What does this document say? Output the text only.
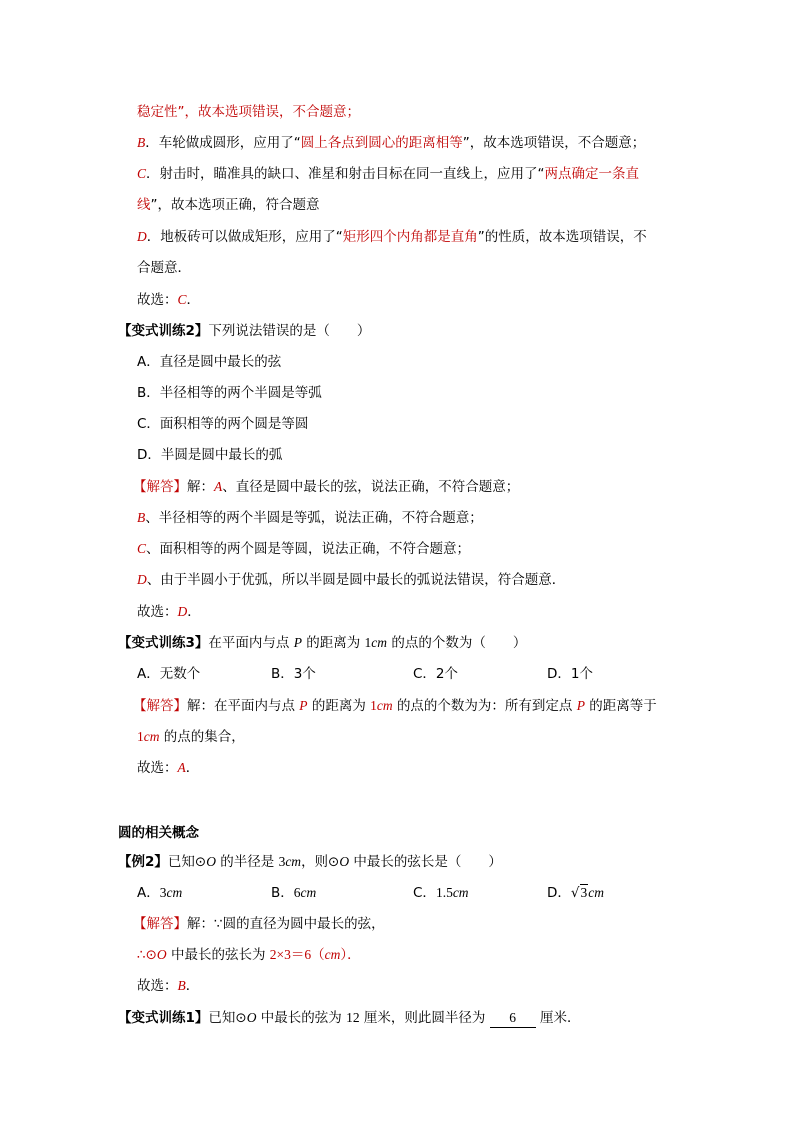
稳定性”，故本选项错误，不合题意；
B．车轮做成圆形，应用了“圆上各点到圆心的距离相等”，故本选项错误，不合题意；
C．射击时，瞄准具的缺口、准星和射击目标在同一直线上，应用了“两点确定一条直
线”，故本选项正确，符合题意
D．地板砖可以做成矩形，应用了“矩形四个内角都是直角”的性质，故本选项错误，不
合题意．
故选：C．
【变式训练2】下列说法错误的是（　　）
A．直径是圆中最长的弦
B．半径相等的两个半圆是等弧
C．面积相等的两个圆是等圆
D．半圆是圆中最长的弧
【解答】解：A、直径是圆中最长的弦，说法正确，不符合题意；
B、半径相等的两个半圆是等弧，说法正确，不符合题意；
C、面积相等的两个圆是等圆，说法正确，不符合题意；
D、由于半圆小于优弧，所以半圆是圆中最长的弧说法错误，符合题意．
故选：D．
【变式训练3】在平面内与点 P 的距离为 1cm 的点的个数为（　　）
A．无数个	B．3个	C．2个	D．1个
【解答】解：在平面内与点 P 的距离为 1cm 的点的个数为为：所有到定点 P 的距离等于
1cm 的点的集合，
故选：A．
圆的相关概念
【例2】已知⊙O 的半径是 3cm，则⊙O 中最长的弦长是（　　）
A．3cm	B．6cm	C．1.5cm	D．√3cm
【解答】解：∵圆的直径为圆中最长的弦，
∴⊙O 中最长的弦长为 2×3＝6（cm）．
故选：B．
【变式训练1】已知⊙O 中最长的弦为 12 厘米，则此圆半径为 6 厘米．
